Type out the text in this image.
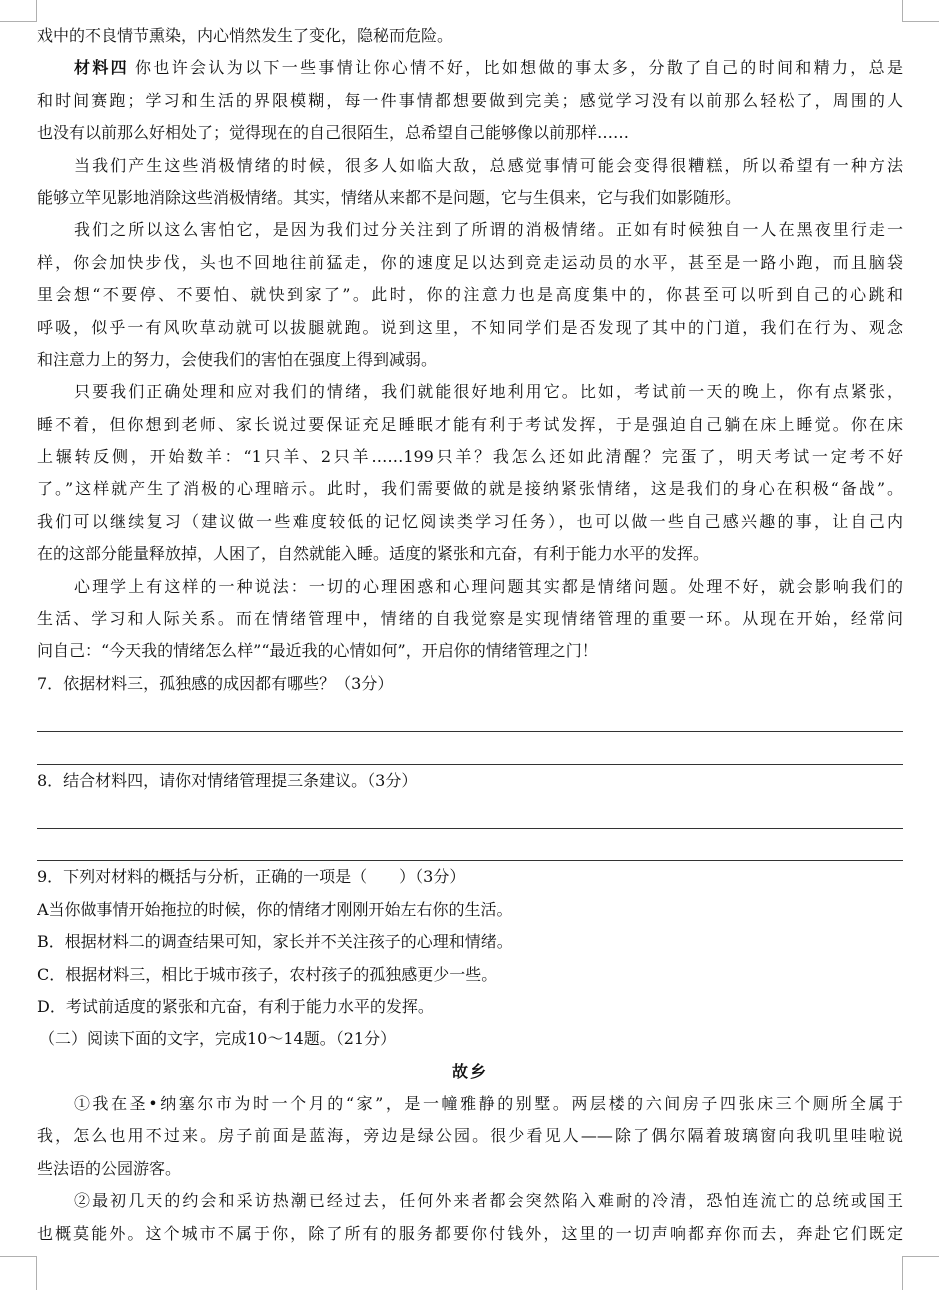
戏中的不良情节熏染，内心悄然发生了变化，隐秘而危险。
材料四 你也许会认为以下一些事情让你心情不好，比如想做的事太多，分散了自己的时间和精力，总是
和时间赛跑；学习和生活的界限模糊，每一件事情都想要做到完美；感觉学习没有以前那么轻松了，周围的人
也没有以前那么好相处了；觉得现在的自己很陌生，总希望自己能够像以前那样……
当我们产生这些消极情绪的时候，很多人如临大敌，总感觉事情可能会变得很糟糕，所以希望有一种方法
能够立竿见影地消除这些消极情绪。其实，情绪从来都不是问题，它与生俱来，它与我们如影随形。
我们之所以这么害怕它，是因为我们过分关注到了所谓的消极情绪。正如有时候独自一人在黑夜里行走一
样，你会加快步伐，头也不回地往前猛走，你的速度足以达到竞走运动员的水平，甚至是一路小跑，而且脑袋
里会想“不要停、不要怕、就快到家了”。此时，你的注意力也是高度集中的，你甚至可以听到自己的心跳和
呼吸，似乎一有风吹草动就可以拔腿就跑。说到这里，不知同学们是否发现了其中的门道，我们在行为、观念
和注意力上的努力，会使我们的害怕在强度上得到减弱。
只要我们正确处理和应对我们的情绪，我们就能很好地利用它。比如，考试前一天的晚上，你有点紧张，
睡不着，但你想到老师、家长说过要保证充足睡眠才能有利于考试发挥，于是强迫自己躺在床上睡觉。你在床
上辗转反侧，开始数羊：“1只羊、2只羊……199只羊？我怎么还如此清醒？完蛋了，明天考试一定考不好
了。”这样就产生了消极的心理暗示。此时，我们需要做的就是接纳紧张情绪，这是我们的身心在积极“备战”。
我们可以继续复习（建议做一些难度较低的记忆阅读类学习任务），也可以做一些自己感兴趣的事，让自己内
在的这部分能量释放掉，人困了，自然就能入睡。适度的紧张和亢奋，有利于能力水平的发挥。
心理学上有这样的一种说法：一切的心理困惑和心理问题其实都是情绪问题。处理不好，就会影响我们的
生活、学习和人际关系。而在情绪管理中，情绪的自我觉察是实现情绪管理的重要一环。从现在开始，经常问
问自己：“今天我的情绪怎么样”“最近我的心情如何”，开启你的情绪管理之门！
7．依据材料三，孤独感的成因都有哪些？（3分）
8．结合材料四，请你对情绪管理提三条建议。（3分）
9．下列对材料的概括与分析，正确的一项是（　　）（3分）
A当你做事情开始拖拉的时候，你的情绪才刚刚开始左右你的生活。
B．根据材料二的调查结果可知，家长并不关注孩子的心理和情绪。
C．根据材料三，相比于城市孩子，农村孩子的孤独感更少一些。
D．考试前适度的紧张和亢奋，有利于能力水平的发挥。
（二）阅读下面的文字，完成10～14题。（21分）
故乡
①我在圣•纳塞尔市为时一个月的“家”，是一幢雅静的别墅。两层楼的六间房子四张床三个厕所全属于
我，怎么也用不过来。房子前面是蓝海，旁边是绿公园。很少看见人——除了偶尔隔着玻璃窗向我叽里哇啦说
些法语的公园游客。
②最初几天的约会和采访热潮已经过去，任何外来者都会突然陷入难耐的冷清，恐怕连流亡的总统或国王
也概莫能外。这个城市不属于你，除了所有的服务都要你付钱外，这里的一切声响都弃你而去，奔赴它们既定
